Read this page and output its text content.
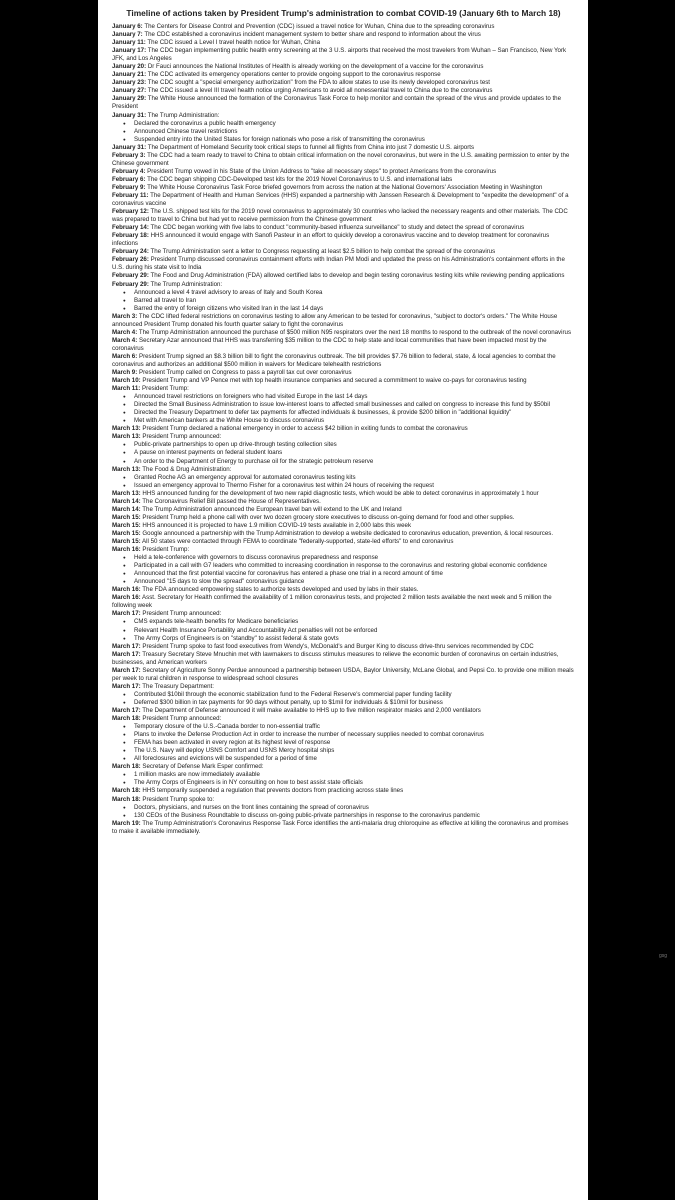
Timeline of actions taken by President Trump's administration to combat COVID-19 (January 6th to March 18)
January 6: The Centers for Disease Control and Prevention (CDC) issued a travel notice for Wuhan, China due to the spreading coronavirus
January 7: The CDC established a coronavirus incident management system to better share and respond to information about the virus
January 11: The CDC issued a Level I travel health notice for Wuhan, China
January 17: The CDC began implementing public health entry screening at the 3 U.S. airports that received the most travelers from Wuhan – San Francisco, New York JFK, and Los Angeles
January 20: Dr Fauci announces the National Institutes of Health is already working on the development of a vaccine for the coronavirus
January 21: The CDC activated its emergency operations center to provide ongoing support to the coronavirus response
January 23: The CDC sought a "special emergency authorization" from the FDA to allow states to use its newly developed coronavirus test
January 27: The CDC issued a level III travel health notice urging Americans to avoid all nonessential travel to China due to the coronavirus
January 29: The White House announced the formation of the Coronavirus Task Force to help monitor and contain the spread of the virus and provide updates to the President
January 31: The Trump Administration:
● Declared the coronavirus a public health emergency
● Announced Chinese travel restrictions
● Suspended entry into the United States for foreign nationals who pose a risk of transmitting the coronavirus
January 31: The Department of Homeland Security took critical steps to funnel all flights from China into just 7 domestic U.S. airports
February 3: The CDC had a team ready to travel to China to obtain critical information on the novel coronavirus, but were in the U.S. awaiting permission to enter by the Chinese government
February 4: President Trump vowed in his State of the Union Address to "take all necessary steps" to protect Americans from the coronavirus
February 6: The CDC began shipping CDC-Developed test kits for the 2019 Novel Coronavirus to U.S. and international labs
February 9: The White House Coronavirus Task Force briefed governors from across the nation at the National Governors' Association Meeting in Washington
February 11: The Department of Health and Human Services (HHS) expanded a partnership with Janssen Research & Development to "expedite the development" of a coronavirus vaccine
February 12: The U.S. shipped test kits for the 2019 novel coronavirus to approximately 30 countries who lacked the necessary reagents and other materials. The CDC was prepared to travel to China but had yet to receive permission from the Chinese government
February 14: The CDC began working with five labs to conduct "community-based influenza surveillance" to study and detect the spread of coronavirus
February 18: HHS announced it would engage with Sanofi Pasteur in an effort to quickly develop a coronavirus vaccine and to develop treatment for coronavirus infections
February 24: The Trump Administration sent a letter to Congress requesting at least $2.5 billion to help combat the spread of the coronavirus
February 26: President Trump discussed coronavirus containment efforts with Indian PM Modi and updated the press on his Administration's containment efforts in the U.S. during his state visit to India
February 29: The Food and Drug Administration (FDA) allowed certified labs to develop and begin testing coronavirus testing kits while reviewing pending applications
February 29: The Trump Administration:
● Announced a level 4 travel advisory to areas of Italy and South Korea
● Barred all travel to Iran
● Barred the entry of foreign citizens who visited Iran in the last 14 days
March 3: The CDC lifted federal restrictions on coronavirus testing to allow any American to be tested for coronavirus, "subject to doctor's orders." The White House announced President Trump donated his fourth quarter salary to fight the coronavirus
March 4: The Trump Administration announced the purchase of $500 million N95 respirators over the next 18 months to respond to the outbreak of the novel coronavirus
March 4: Secretary Azar announced that HHS was transferring $35 million to the CDC to help state and local communities that have been impacted most by the coronavirus
March 6: President Trump signed an $8.3 billion bill to fight the coronavirus outbreak. The bill provides $7.76 billion to federal, state, & local agencies to combat the coronavirus and authorizes an additional $500 million in waivers for Medicare telehealth restrictions
March 9: President Trump called on Congress to pass a payroll tax cut over coronavirus
March 10: President Trump and VP Pence met with top health insurance companies and secured a commitment to waive co-pays for coronavirus testing
March 11: President Trump:
● Announced travel restrictions on foreigners who had visited Europe in the last 14 days
● Directed the Small Business Administration to issue low-interest loans to affected small businesses and called on congress to increase this fund by $50bil
● Directed the Treasury Department to defer tax payments for affected individuals & businesses, & provide $200 billion in "additional liquidity"
● Met with American bankers at the White House to discuss coronavirus
March 13: President Trump declared a national emergency in order to access $42 billion in exiting funds to combat the coronavirus
March 13: President Trump announced:
● Public-private partnerships to open up drive-through testing collection sites
● A pause on interest payments on federal student loans
● An order to the Department of Energy to purchase oil for the strategic petroleum reserve
March 13: The Food & Drug Administration:
● Granted Roche AG an emergency approval for automated coronavirus testing kits
● Issued an emergency approval to Thermo Fisher for a coronavirus test within 24 hours of receiving the request
March 13: HHS announced funding for the development of two new rapid diagnostic tests, which would be able to detect coronavirus in approximately 1 hour
March 14: The Coronavirus Relief Bill passed the House of Representatives.
March 14: The Trump Administration announced the European travel ban will extend to the UK and Ireland
March 15: President Trump held a phone call with over two dozen grocery store executives to discuss on-going demand for food and other supplies.
March 15: HHS announced it is projected to have 1.9 million COVID-19 tests available in 2,000 labs this week
March 15: Google announced a partnership with the Trump Administration to develop a website dedicated to coronavirus education, prevention, & local resources.
March 15: All 50 states were contacted through FEMA to coordinate "federally-supported, state-led efforts" to end coronavirus
March 16: President Trump:
● Held a tele-conference with governors to discuss coronavirus preparedness and response
● Participated in a call with G7 leaders who committed to increasing coordination in response to the coronavirus and restoring global economic confidence
● Announced that the first potential vaccine for coronavirus has entered a phase one trial in a record amount of time
● Announced "15 days to slow the spread" coronavirus guidance
March 16: The FDA announced empowering states to authorize tests developed and used by labs in their states.
March 16: Asst. Secretary for Health confirmed the availability of 1 million coronavirus tests, and projected 2 million tests available the next week and 5 million the following week
March 17: President Trump announced:
● CMS expands tele-health benefits for Medicare beneficiaries
● Relevant Health Insurance Portability and Accountability Act penalties will not be enforced
● The Army Corps of Engineers is on "standby" to assist federal & state govts
March 17: President Trump spoke to fast food executives from Wendy's, McDonald's and Burger King to discuss drive-thru services recommended by CDC
March 17: Treasury Secretary Steve Mnuchin met with lawmakers to discuss stimulus measures to relieve the economic burden of coronavirus on certain industries, businesses, and American workers
March 17: Secretary of Agriculture Sonny Perdue announced a partnership between USDA, Baylor University, McLane Global, and Pepsi Co. to provide one million meals per week to rural children in response to widespread school closures
March 17: The Treasury Department:
● Contributed $10bil through the economic stabilization fund to the Federal Reserve's commercial paper funding facility
● Deferred $300 billion in tax payments for 90 days without penalty, up to $1mil for individuals & $10mil for business
March 17: The Department of Defense announced it will make available to HHS up to five million respirator masks and 2,000 ventilators
March 18: President Trump announced:
● Temporary closure of the U.S.-Canada border to non-essential traffic
● Plans to invoke the Defense Production Act in order to increase the number of necessary supplies needed to combat coronavirus
● FEMA has been activated in every region at its highest level of response
● The U.S. Navy will deploy USNS Comfort and USNS Mercy hospital ships
● All foreclosures and evictions will be suspended for a period of time
March 18: Secretary of Defense Mark Esper confirmed:
● 1 million masks are now immediately available
● The Army Corps of Engineers is in NY consulting on how to best assist state officials
March 18: HHS temporarily suspended a regulation that prevents doctors from practicing across state lines
March 18: President Trump spoke to:
● Doctors, physicians, and nurses on the front lines containing the spread of coronavirus
● 130 CEOs of the Business Roundtable to discuss on-going public-private partnerships in response to the coronavirus pandemic
March 19: The Trump Administration's Coronavirus Response Task Force identifies the anti-malaria drug chloroquine as effective at killing the coronavirus and promises to make it available immediately.
gsg
